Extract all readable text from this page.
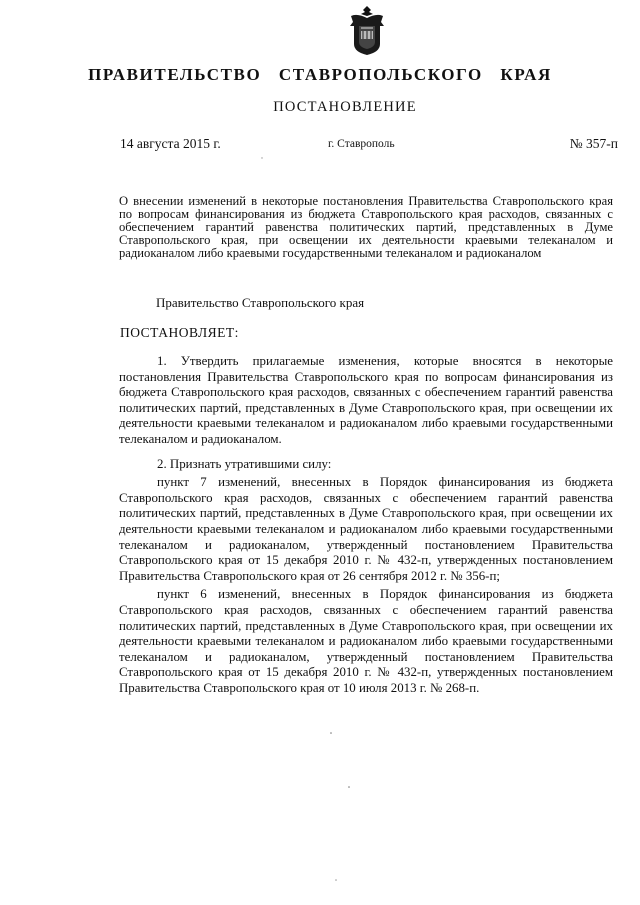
ПРАВИТЕЛЬСТВО   СТАВРОПОЛЬСКОГО   КРАЯ
ПОСТАНОВЛЕНИЕ
14 августа 2015 г.	г. Ставрополь	№ 357-п
О внесении изменений в некоторые постановления Правительства Ставропольского края по вопросам финансирования из бюджета Ставропольского края расходов, связанных с обеспечением гарантий равенства политических партий, представленных в Думе Ставропольского края, при освещении их деятельности краевыми телеканалом и радиоканалом либо краевыми государственными телеканалом и радиоканалом
Правительство Ставропольского края
ПОСТАНОВЛЯЕТ:

1. Утвердить прилагаемые изменения, которые вносятся в некоторые постановления Правительства Ставропольского края по вопросам финансирования из бюджета Ставропольского края расходов, связанных с обеспечением гарантий равенства политических партий, представленных в Думе Ставропольского края, при освещении их деятельности краевыми телеканалом и радиоканалом либо краевыми государственными телеканалом и радиоканалом.

2. Признать утратившими силу:

пункт 7 изменений, внесенных в Порядок финансирования из бюджета Ставропольского края расходов, связанных с обеспечением гарантий равенства политических партий, представленных в Думе Ставропольского края, при освещении их деятельности краевыми телеканалом и радиоканалом либо краевыми государственными телеканалом и радиоканалом, утвержденный постановлением Правительства Ставропольского края от 15 декабря 2010 г. № 432-п, утвержденных постановлением Правительства Ставропольского края от 26 сентября 2012 г. № 356-п;

пункт 6 изменений, внесенных в Порядок финансирования из бюджета Ставропольского края расходов, связанных с обеспечением гарантий равенства политических партий, представленных в Думе Ставропольского края, при освещении их деятельности краевыми телеканалом и радиоканалом либо краевыми государственными телеканалом и радиоканалом, утвержденный постановлением Правительства Ставропольского края от 15 декабря 2010 г. № 432-п, утвержденных постановлением Правительства Ставропольского края от 10 июля 2013 г. № 268-п.
